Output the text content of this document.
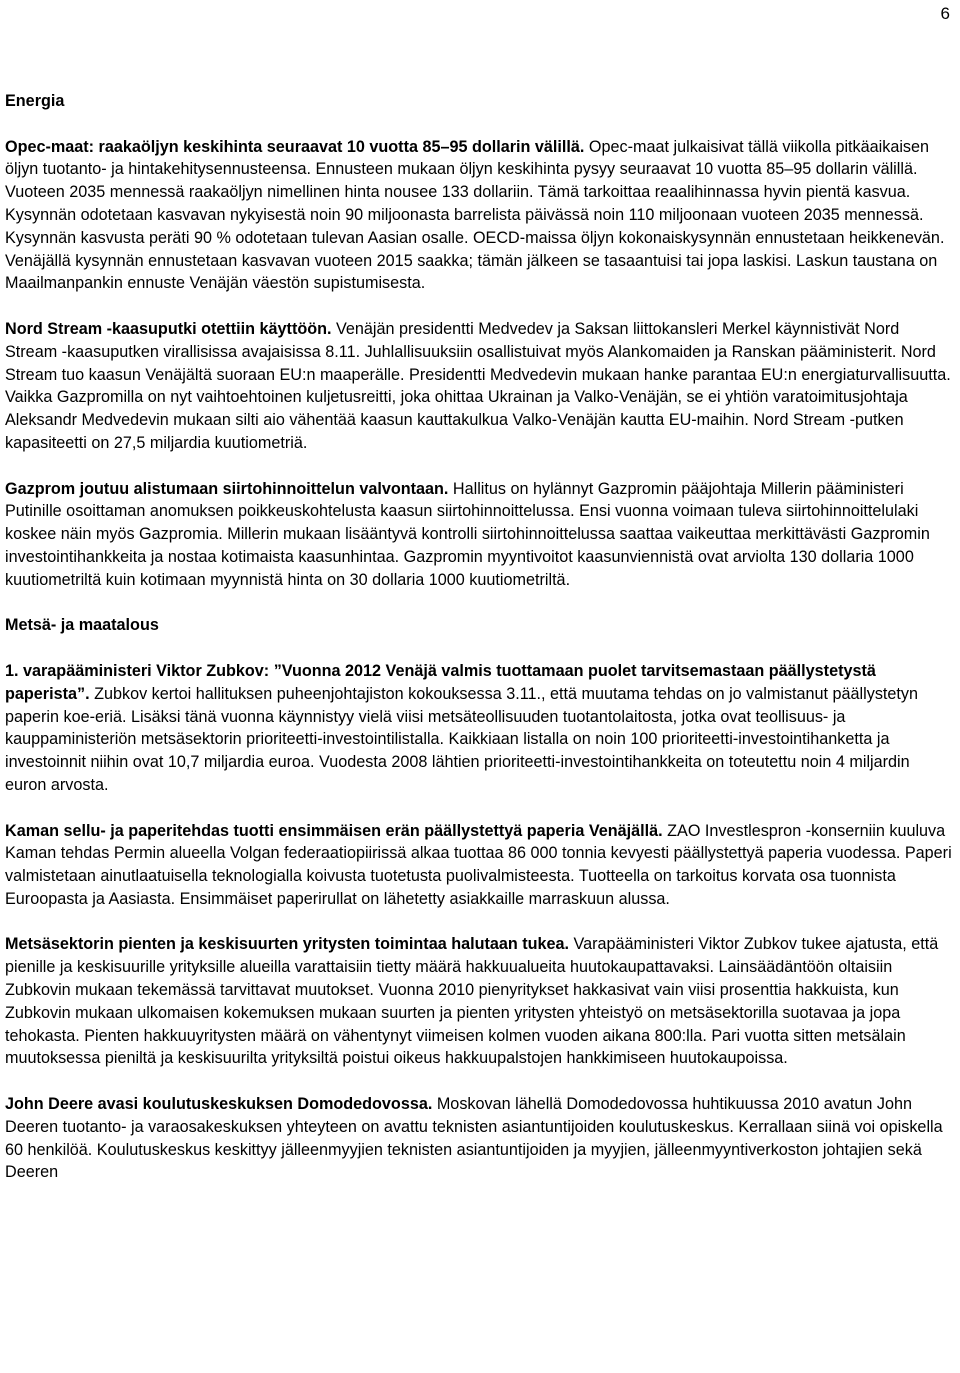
6
Energia

Opec-maat: raakaöljyn keskihinta seuraavat 10 vuotta 85–95 dollarin välillä. Opec-maat julkaisivat tällä viikolla pitkäaikaisen öljyn tuotanto- ja hintakehitysennusteensa. Ennusteen mukaan öljyn keskihinta pysyy seuraavat 10 vuotta 85–95 dollarin välillä. Vuoteen 2035 mennessä raakaöljyn nimellinen hinta nousee 133 dollariin. Tämä tarkoittaa reaalihinnassa hyvin pientä kasvua. Kysynnän odotetaan kasvavan nykyisestä noin 90 miljoonasta barrelista päivässä noin 110 miljoonaan vuoteen 2035 mennessä. Kysynnän kasvusta peräti 90 % odotetaan tulevan Aasian osalle. OECD-maissa öljyn kokonaiskysynnän ennustetaan heikkenevän. Venäjällä kysynnän ennustetaan kasvavan vuoteen 2015 saakka; tämän jälkeen se tasaantuisi tai jopa laskisi. Laskun taustana on Maailmanpankin ennuste Venäjän väestön supistumisesta.

Nord Stream -kaasuputki otettiin käyttöön. Venäjän presidentti Medvedev ja Saksan liittokansleri Merkel käynnistivät Nord Stream -kaasuputken virallisissa avajaisissa 8.11. Juhlallisuuksiin osallistuivat myös Alankomaiden ja Ranskan pääministerit. Nord Stream tuo kaasun Venäjältä suoraan EU:n maaperälle. Presidentti Medvedevin mukaan hanke parantaa EU:n energiaturvallisuutta. Vaikka Gazpromilla on nyt vaihtoehtoinen kuljetusreitti, joka ohittaa Ukrainan ja Valko-Venäjän, se ei yhtiön varatoimitusjohtaja Aleksandr Medvedevin mukaan silti aio vähentää kaasun kauttakulkua Valko-Venäjän kautta EU-maihin. Nord Stream -putken kapasiteetti on 27,5 miljardia kuutiometriä.

Gazprom joutuu alistumaan siirtohinnoittelun valvontaan. Hallitus on hylännyt Gazpromin pääjohtaja Millerin pääministeri Putinille osoittaman anomuksen poikkeuskohtelusta kaasun siirtohinnoittelussa. Ensi vuonna voimaan tuleva siirtohinnoittelulaki koskee näin myös Gazpromia. Millerin mukaan lisääntyvä kontrolli siirtohinnoittelussa saattaa vaikeuttaa merkittävästi Gazpromin investointihankkeita ja nostaa kotimaista kaasunhintaa. Gazpromin myyntivoitot kaasunviennistä ovat arviolta 130 dollaria 1000 kuutiometriltä kuin kotimaan myynnistä hinta on 30 dollaria 1000 kuutiometriltä.

Metsä- ja maatalous

1. varapääministeri Viktor Zubkov: ”Vuonna 2012 Venäjä valmis tuottamaan puolet tarvitsemastaan päällystetystä paperista”. Zubkov kertoi hallituksen puheenjohtajiston kokouksessa 3.11., että muutama tehdas on jo valmistanut päällystetyn paperin koe-eriä. Lisäksi tänä vuonna käynnistyy vielä viisi metsäteollisuuden tuotantolaitosta, jotka ovat teollisuus- ja kauppaministeriön metsäsektorin prioriteetti-investointilistalla. Kaikkiaan listalla on noin 100 prioriteetti-investointihanketta ja investoinnit niihin ovat 10,7 miljardia euroa. Vuodesta 2008 lähtien prioriteetti-investointihankkeita on toteutettu noin 4 miljardin euron arvosta.

Kaman sellu- ja paperitehdas tuotti ensimmäisen erän päällystettyä paperia Venäjällä. ZAO Investlespron -konserniin kuuluva Kaman tehdas Permin alueella Volgan federaatiopiirissä alkaa tuottaa 86 000 tonnia kevyesti päällystettyä paperia vuodessa. Paperi valmistetaan ainutlaatuisella teknologialla koivusta tuotetusta puolivalmisteesta. Tuotteella on tarkoitus korvata osa tuonnista Euroopasta ja Aasiasta. Ensimmäiset paperirullat on lähetetty asiakkaille marraskuun alussa.

Metsäsektorin pienten ja keskisuurten yritysten toimintaa halutaan tukea. Varapääministeri Viktor Zubkov tukee ajatusta, että pienille ja keskisuurille yrityksille alueilla varattaisiin tietty määrä hakkuualueita huutokaupattavaksi. Lainsäädäntöön oltaisiin Zubkovin mukaan tekemässä tarvittavat muutokset. Vuonna 2010 pienyritykset hakkasivat vain viisi prosenttia hakkuista, kun Zubkovin mukaan ulkomaisen kokemuksen mukaan suurten ja pienten yritysten yhteistyö on metsäsektorilla suotavaa ja jopa tehokasta. Pienten hakkuuyritysten määrä on vähentynyt viimeisen kolmen vuoden aikana 800:lla. Pari vuotta sitten metsälain muutoksessa pieniltä ja keskisuurilta yrityksiltä poistui oikeus hakkuupalstojen hankkimiseen huutokaupoissa.

John Deere avasi koulutuskeskuksen Domodedovossa. Moskovan lähellä Domodedovossa huhtikuussa 2010 avatun John Deeren tuotanto- ja varaosakeskuksen yhteyteen on avattu teknisten asiantuntijoiden koulutuskeskus. Kerrallaan siinä voi opiskella 60 henkilöä. Koulutuskeskus keskittyy jälleenmyyjien teknisten asiantuntijoiden ja myyjien, jälleenmyyntiverkoston johtajien sekä Deeren
